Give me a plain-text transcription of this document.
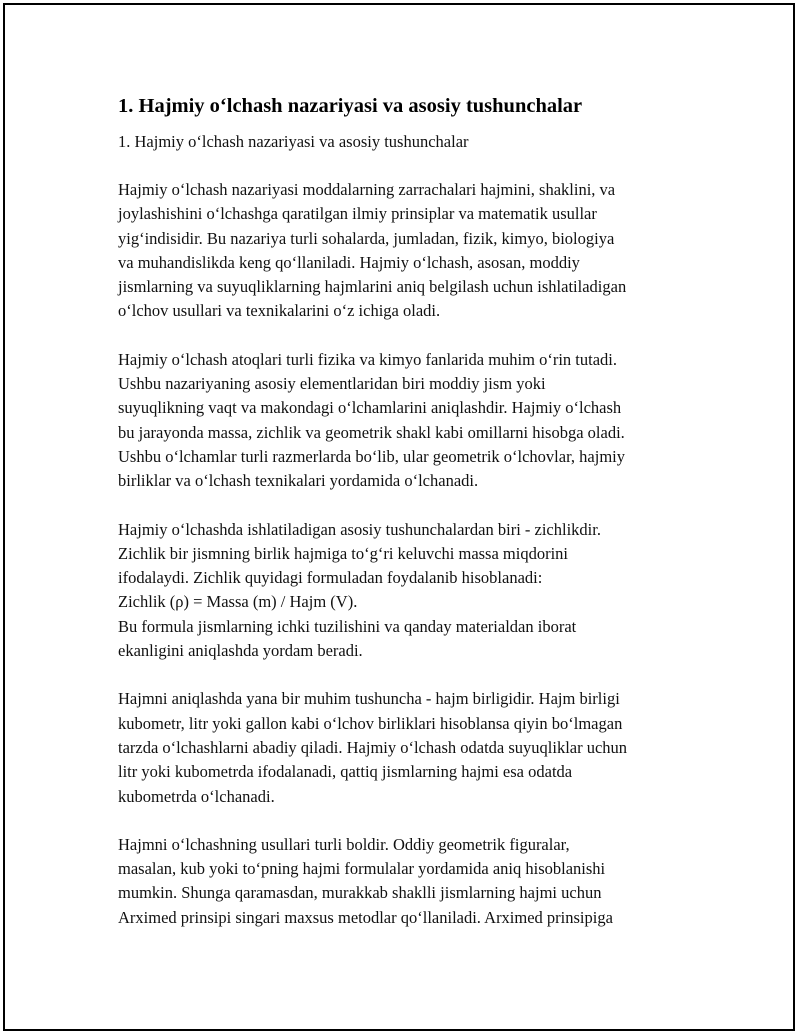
1. Hajmiy o‘lchash nazariyasi va asosiy tushunchalar
1. Hajmiy o‘lchash nazariyasi va asosiy tushunchalar
Hajmiy o‘lchash nazariyasi moddalarning zarrachalari hajmini, shaklini, va
joylashishini o‘lchashga qaratilgan ilmiy prinsiplar va matematik usullar
yig‘indisidir. Bu nazariya turli sohalarda, jumladan, fizik, kimyo, biologiya
va muhandislikda keng qo‘llaniladi. Hajmiy o‘lchash, asosan, moddiy
jismlarning va suyuqliklarning hajmlarini aniq belgilash uchun ishlatiladigan
o‘lchov usullari va texnikalarini o‘z ichiga oladi.
Hajmiy o‘lchash atoqlari turli fizika va kimyo fanlarida muhim o‘rin tutadi.
Ushbu nazariyaning asosiy elementlaridan biri moddiy jism yoki
suyuqlikning vaqt va makondagi o‘lchamlarini aniqlashdir. Hajmiy o‘lchash
bu jarayonda massa, zichlik va geometrik shakl kabi omillarni hisobga oladi.
Ushbu o‘lchamlar turli razmerlarda bo‘lib, ular geometrik o‘lchovlar, hajmiy
birliklar va o‘lchash texnikalari yordamida o‘lchanadi.
Hajmiy o‘lchashda ishlatiladigan asosiy tushunchalardan biri - zichlikdir.
Zichlik bir jismning birlik hajmiga to‘g‘ri keluvchi massa miqdorini
ifodalaydi. Zichlik quyidagi formuladan foydalanib hisoblanadi:
Zichlik (ρ) = Massa (m) / Hajm (V).
Bu formula jismlarning ichki tuzilishini va qanday materialdan iborat
ekanligini aniqlashda yordam beradi.
Hajmni aniqlashda yana bir muhim tushuncha - hajm birligidir. Hajm birligi
kubometr, litr yoki gallon kabi o‘lchov birliklari hisoblansa qiyin bo‘lmagan
tarzda o‘lchashlarni abadiy qiladi. Hajmiy o‘lchash odatda suyuqliklar uchun
litr yoki kubometrda ifodalanadi, qattiq jismlarning hajmi esa odatda
kubometrda o‘lchanadi.
Hajmni o‘lchashning usullari turli boldir. Oddiy geometrik figuralar,
masalan, kub yoki to‘pning hajmi formulalar yordamida aniq hisoblanishi
mumkin. Shunga qaramasdan, murakkab shaklli jismlarning hajmi uchun
Arximed prinsipi singari maxsus metodlar qo‘llaniladi. Arximed prinsipiga
